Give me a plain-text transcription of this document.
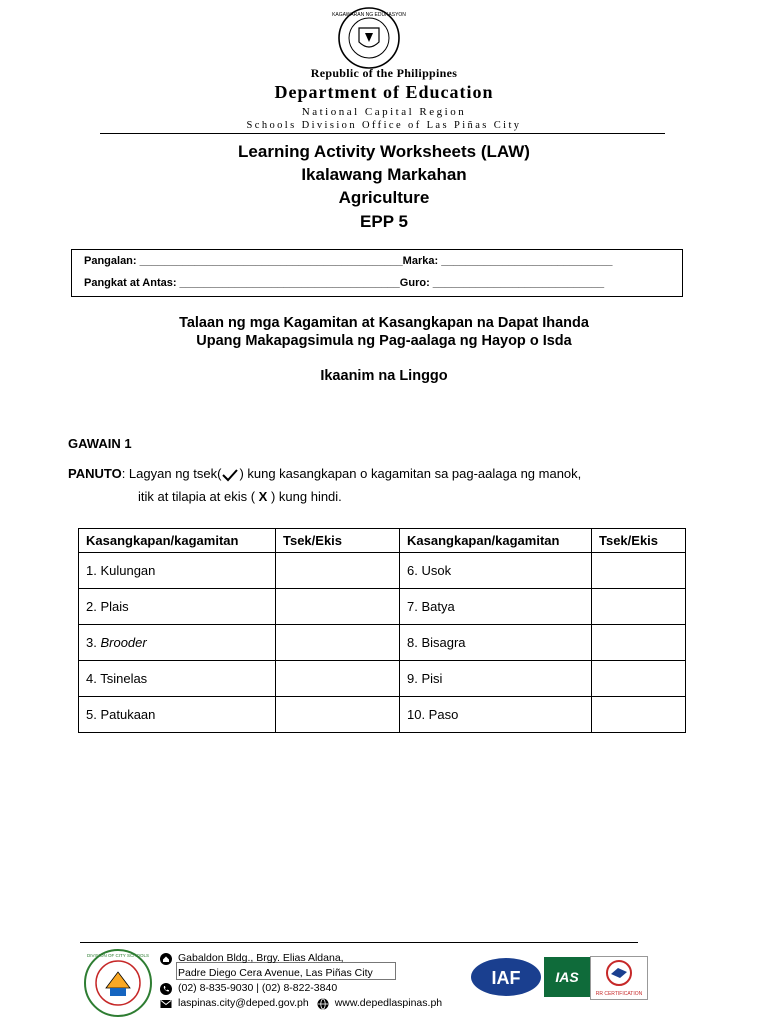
KAGAWARAN NG EDUKASYON
Republic of the Philippines
Department of Education
National Capital Region
Schools Division Office of Las Piñas City
Learning Activity Worksheets (LAW)
Ikalawang Markahan
Agriculture
EPP 5
Pangalan: ___________________________________________Marka: ____________________________
Pangkat at Antas: ____________________________________Guro: ____________________________
Talaan ng mga Kagamitan at Kasangkapan na Dapat Ihanda
Upang Makapagsimula ng Pag-aalaga ng Hayop o Isda
Ikaanim na Linggo
GAWAIN 1
PANUTO: Lagyan ng tsek( ) kung kasangkapan o kagamitan sa pag-aalaga ng manok,
itik at tilapia at ekis ( X ) kung hindi.
Kasangkapan/kagamitan	Tsek/Ekis	Kasangkapan/kagamitan	Tsek/Ekis
1. Kulungan		6. Usok	
2. Plais		7. Batya	
3. Brooder		8. Bisagra	
4. Tsinelas		9. Pisi	
5. Patukaan		10. Paso	
DIVISION OF CITY SCHOOLS	Gabaldon Bldg., Brgy. Elias Aldana,
Padre Diego Cera Avenue, Las Piñas City
(02) 8-835-9030 | (02) 8-822-3840
laspinas.city@deped.gov.ph www.depedlaspinas.ph
IAF IAS
RR CERTIFICATION
